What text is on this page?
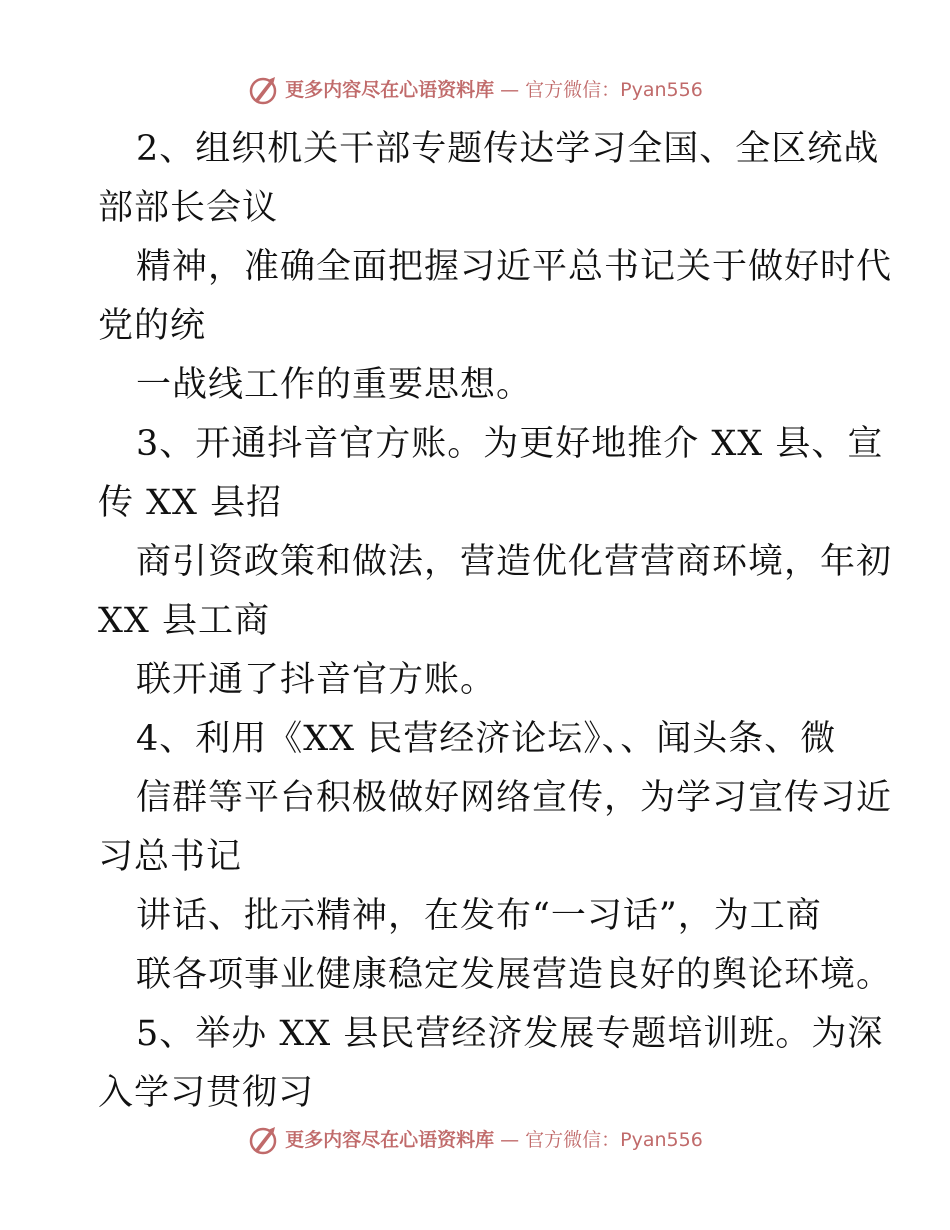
更多内容尽在心语资料库 — 官方微信：Pyan556
2、组织机关干部专题传达学习全国、全区统战
部部长会议
精神，准确全面把握习近平总书记关于做好时代
党的统
一战线工作的重要思想。
3、开通抖音官方账。为更好地推介 XX 县、宣
传 XX 县招
商引资政策和做法，营造优化营营商环境，年初
XX 县工商
联开通了抖音官方账。
4、利用《XX 民营经济论坛》、、闻头条、微
信群等平台积极做好网络宣传，为学习宣传习近
习总书记
讲话、批示精神，在发布“一习话”，为工商
联各项事业健康稳定发展营造良好的舆论环境。
5、举办 XX 县民营经济发展专题培训班。为深
入学习贯彻习
更多内容尽在心语资料库 — 官方微信：Pyan556
